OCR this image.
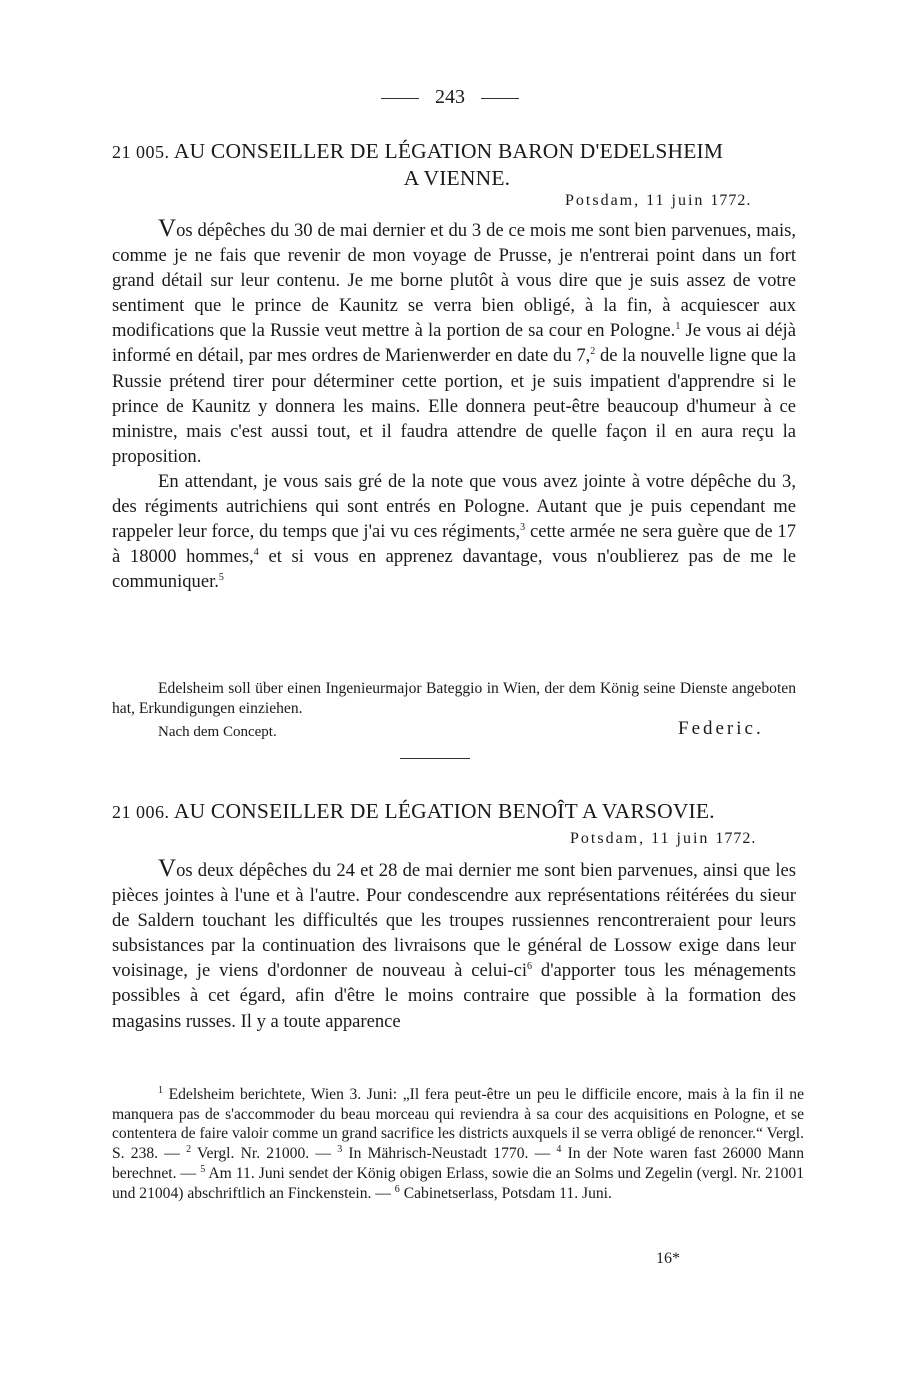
243
21 005. AU CONSEILLER DE LÉGATION BARON D'EDELSHEIM
A VIENNE.
Potsdam, 11 juin 1772.

Vos dépêches du 30 de mai dernier et du 3 de ce mois me sont bien parvenues, mais, comme je ne fais que revenir de mon voyage de Prusse, je n'entrerai point dans un fort grand détail sur leur contenu. Je me borne plutôt à vous dire que je suis assez de votre sentiment que le prince de Kaunitz se verra bien obligé, à la fin, à acquiescer aux modifications que la Russie veut mettre à la portion de sa cour en Pologne.$^1$ Je vous ai déjà informé en détail, par mes ordres de Marienwerder en date du 7,$^2$ de la nouvelle ligne que la Russie prétend tirer pour déterminer cette portion, et je suis impatient d'apprendre si le prince de Kaunitz y donnera les mains. Elle donnera peut-être beaucoup d'humeur à ce ministre, mais c'est aussi tout, et il faudra attendre de quelle façon il en aura reçu la proposition.

En attendant, je vous sais gré de la note que vous avez jointe à votre dépêche du 3, des régiments autrichiens qui sont entrés en Pologne. Autant que je puis cependant me rappeler leur force, du temps que j'ai vu ces régiments,$^3$ cette armée ne sera guère que de 17 à 18000 hommes,$^4$ et si vous en apprenez davantage, vous n'oublierez pas de me le communiquer.$^5$

Edelsheim soll über einen Ingenieurmajor Bateggio in Wien, der dem König seine Dienste angeboten hat, Erkundigungen einziehen.

Nach dem Concept.	Federic.
21 006. AU CONSEILLER DE LÉGATION BENOÎT A VARSOVIE.
Potsdam, 11 juin 1772.

Vos deux dépêches du 24 et 28 de mai dernier me sont bien parvenues, ainsi que les pièces jointes à l'une et à l'autre. Pour condescendre aux représentations réitérées du sieur de Saldern touchant les difficultés que les troupes russiennes rencontreraient pour leurs subsistances par la continuation des livraisons que le général de Lossow exige dans leur voisinage, je viens d'ordonner de nouveau à celui-$ci^6$ d'apporter tous les ménagements possibles à cet égard, afin d'être le moins contraire que possible à la formation des magasins russes. Il y a toute apparence

$^1$ Edelsheim berichtete, Wien 3. Juni: „Il fera peut-être un peu le difficile encore, mais à la fin il ne manquera pas de s'accommoder du beau morceau qui reviendra à sa cour des acquisitions en Pologne, et se contentera de faire valoir comme un grand sacrifice les districts auxquels il se verra obligé de renoncer.“ Vergl. S. 238. — $^2$ Vergl. Nr. 21000. — $^3$ In Mährisch-Neustadt 1770. — $^4$ In der Note waren fast 26000 Mann berechnet. — $^5$ Am 11. Juni sendet der König obigen Erlass, sowie die an Solms und Zegelin (vergl. Nr. 21001 und 21004) abschriftlich an Finckenstein. — $^6$ Cabinetserlass, Potsdam 11. Juni.

16*
